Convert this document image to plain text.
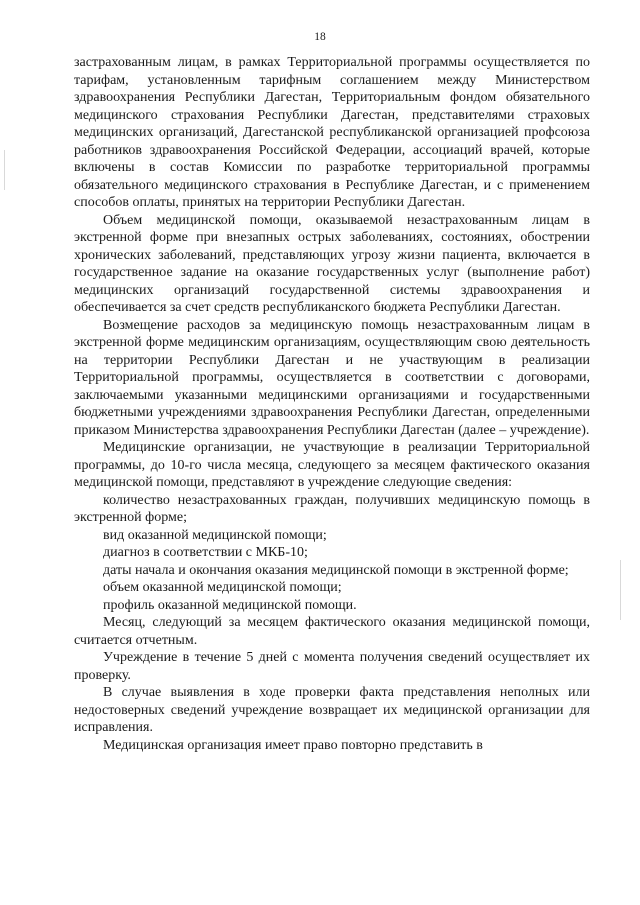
18

застрахованным лицам, в рамках Территориальной программы осуществляется по тарифам, установленным тарифным соглашением между Министерством здравоохранения Республики Дагестан, Территориальным фондом обязательного медицинского страхования Республики Дагестан, представителями страховых медицинских организаций, Дагестанской республиканской организацией профсоюза работников здравоохранения Российской Федерации, ассоциаций врачей, которые включены в состав Комиссии по разработке территориальной программы обязательного медицинского страхования в Республике Дагестан, и с применением способов оплаты, принятых на территории Республики Дагестан.

Объем медицинской помощи, оказываемой незастрахованным лицам в экстренной форме при внезапных острых заболеваниях, состояниях, обострении хронических заболеваний, представляющих угрозу жизни пациента, включается в государственное задание на оказание государственных услуг (выполнение работ) медицинских организаций государственной системы здравоохранения и обеспечивается за счет средств республиканского бюджета Республики Дагестан.

Возмещение расходов за медицинскую помощь незастрахованным лицам в экстренной форме медицинским организациям, осуществляющим свою деятельность на территории Республики Дагестан и не участвующим в реализации Территориальной программы, осуществляется в соответствии с договорами, заключаемыми указанными медицинскими организациями и государственными бюджетными учреждениями здравоохранения Республики Дагестан, определенными приказом Министерства здравоохранения Республики Дагестан (далее – учреждение).

Медицинские организации, не участвующие в реализации Территориальной программы, до 10-го числа месяца, следующего за месяцем фактического оказания медицинской помощи, представляют в учреждение следующие сведения:

количество незастрахованных граждан, получивших медицинскую помощь в экстренной форме;

вид оказанной медицинской помощи;

диагноз в соответствии с МКБ-10;

даты начала и окончания оказания медицинской помощи в экстренной форме;

объем оказанной медицинской помощи;

профиль оказанной медицинской помощи.

Месяц, следующий за месяцем фактического оказания медицинской помощи, считается отчетным.

Учреждение в течение 5 дней с момента получения сведений осуществляет их проверку.

В случае выявления в ходе проверки факта представления неполных или недостоверных сведений учреждение возвращает их медицинской организации для исправления.

Медицинская организация имеет право повторно представить в
